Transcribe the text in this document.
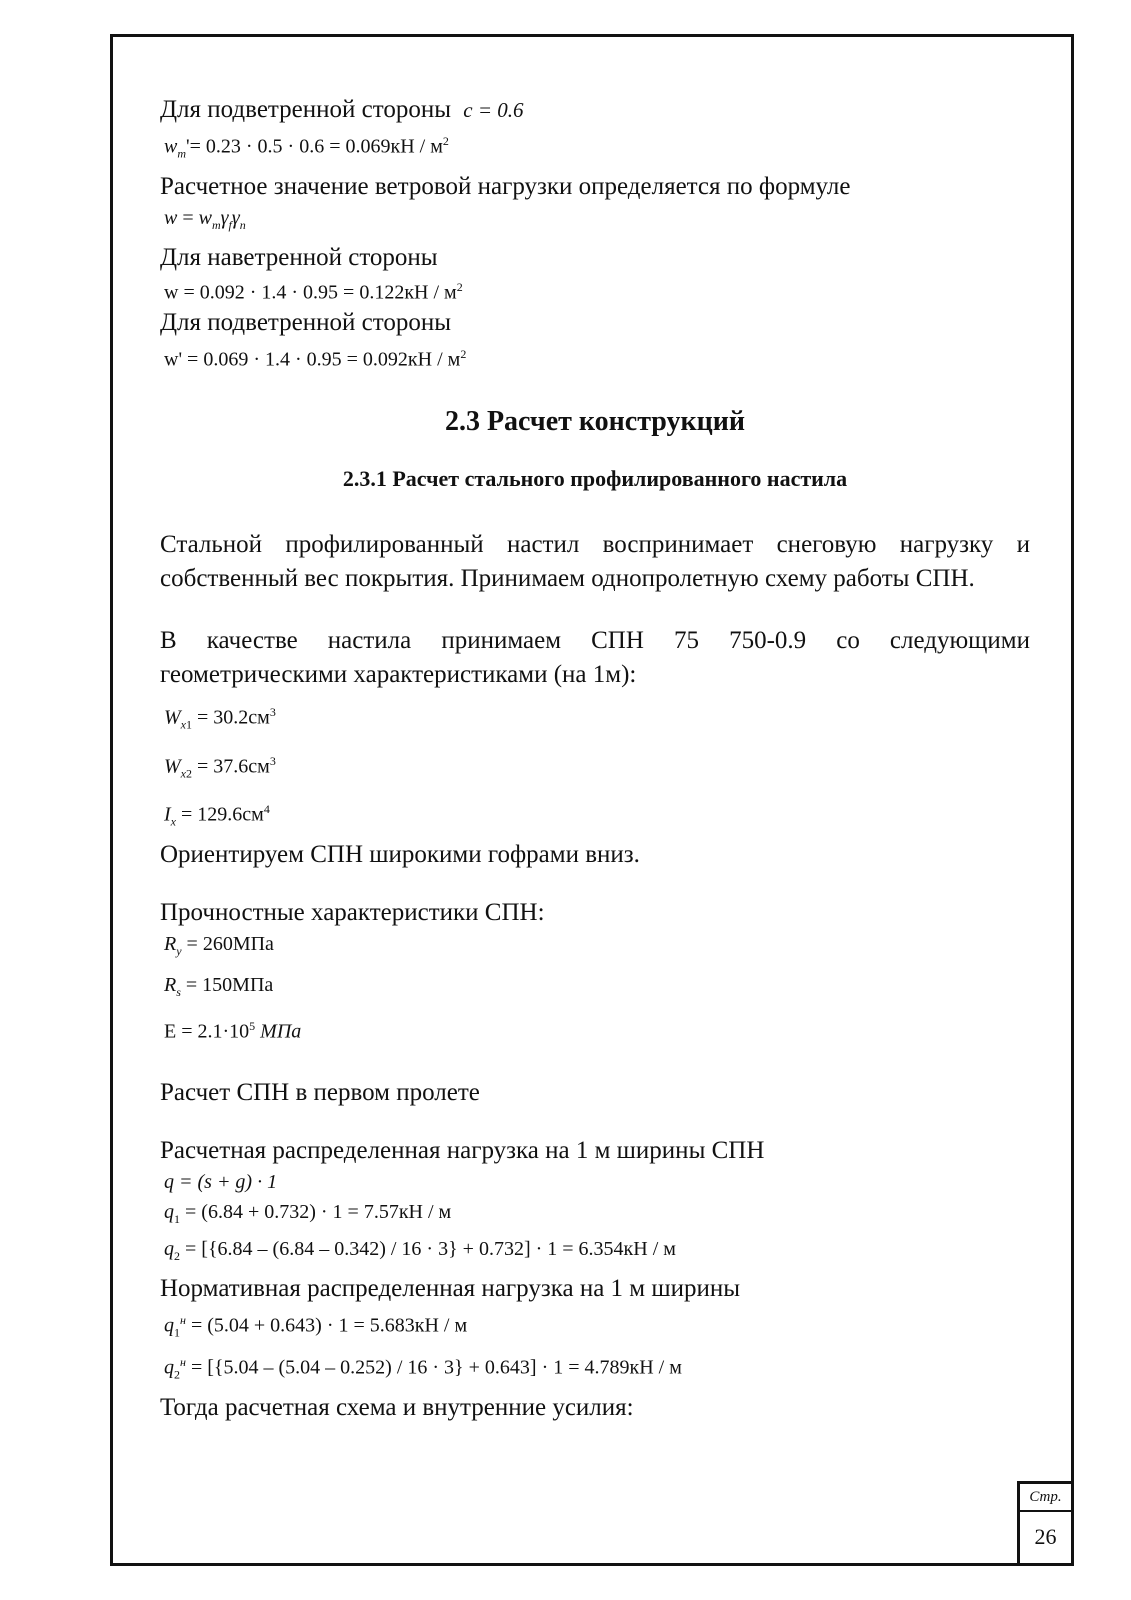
Стр.
26
Для подветренной стороны c = 0.6
$w_m'= 0.23 \cdot 0.5 \cdot 0.6 = 0.069кН / м^2$
Расчетное значение ветровой нагрузки определяется по формуле
$w = w_m\gamma_f\gamma_n$
Для наветренной стороны
$w = 0.092 \cdot 1.4 \cdot 0.95 = 0.122кН / м^2$
Для подветренной стороны
$w' = 0.069 \cdot 1.4 \cdot 0.95 = 0.092кН / м^2$
2.3 Расчет конструкций
2.3.1 Расчет стального профилированного настила
Стальной профилированный настил воспринимает снеговую нагрузку и собственный вес покрытия. Принимаем однопролетную схему работы СПН.
В качестве настила принимаем СПН 75 750-0.9 со следующими геометрическими характеристиками (на 1м):
$W_{x1} = 30.2см^3$
$W_{x2} = 37.6см^3$
$I_x = 129.6см^4$
Ориентируем СПН широкими гофрами вниз.
Прочностные характеристики СПН:
$R_y = 260МПа$
$R_s = 150МПа$
$E = 2.1\cdot 10^5$ МПа
Расчет СПН в первом пролете
Расчетная распределенная нагрузка на 1 м ширины СПН
q = (s + g) · 1
$q_1 = (6.84 + 0.732) \cdot 1 = 7.57кН / м$
$q_2 = [\{6.84 - (6.84 - 0.342) / 16 \cdot 3\} + 0.732] \cdot 1 = 6.354кН / м$
Нормативная распределенная нагрузка на 1 м ширины
$q_1^н = (5.04 + 0.643) \cdot 1 = 5.683кН / м$
$q_2^н = [\{5.04 - (5.04 - 0.252) / 16 \cdot 3\} + 0.643] \cdot 1 = 4.789кН / м$
Тогда расчетная схема и внутренние усилия:
